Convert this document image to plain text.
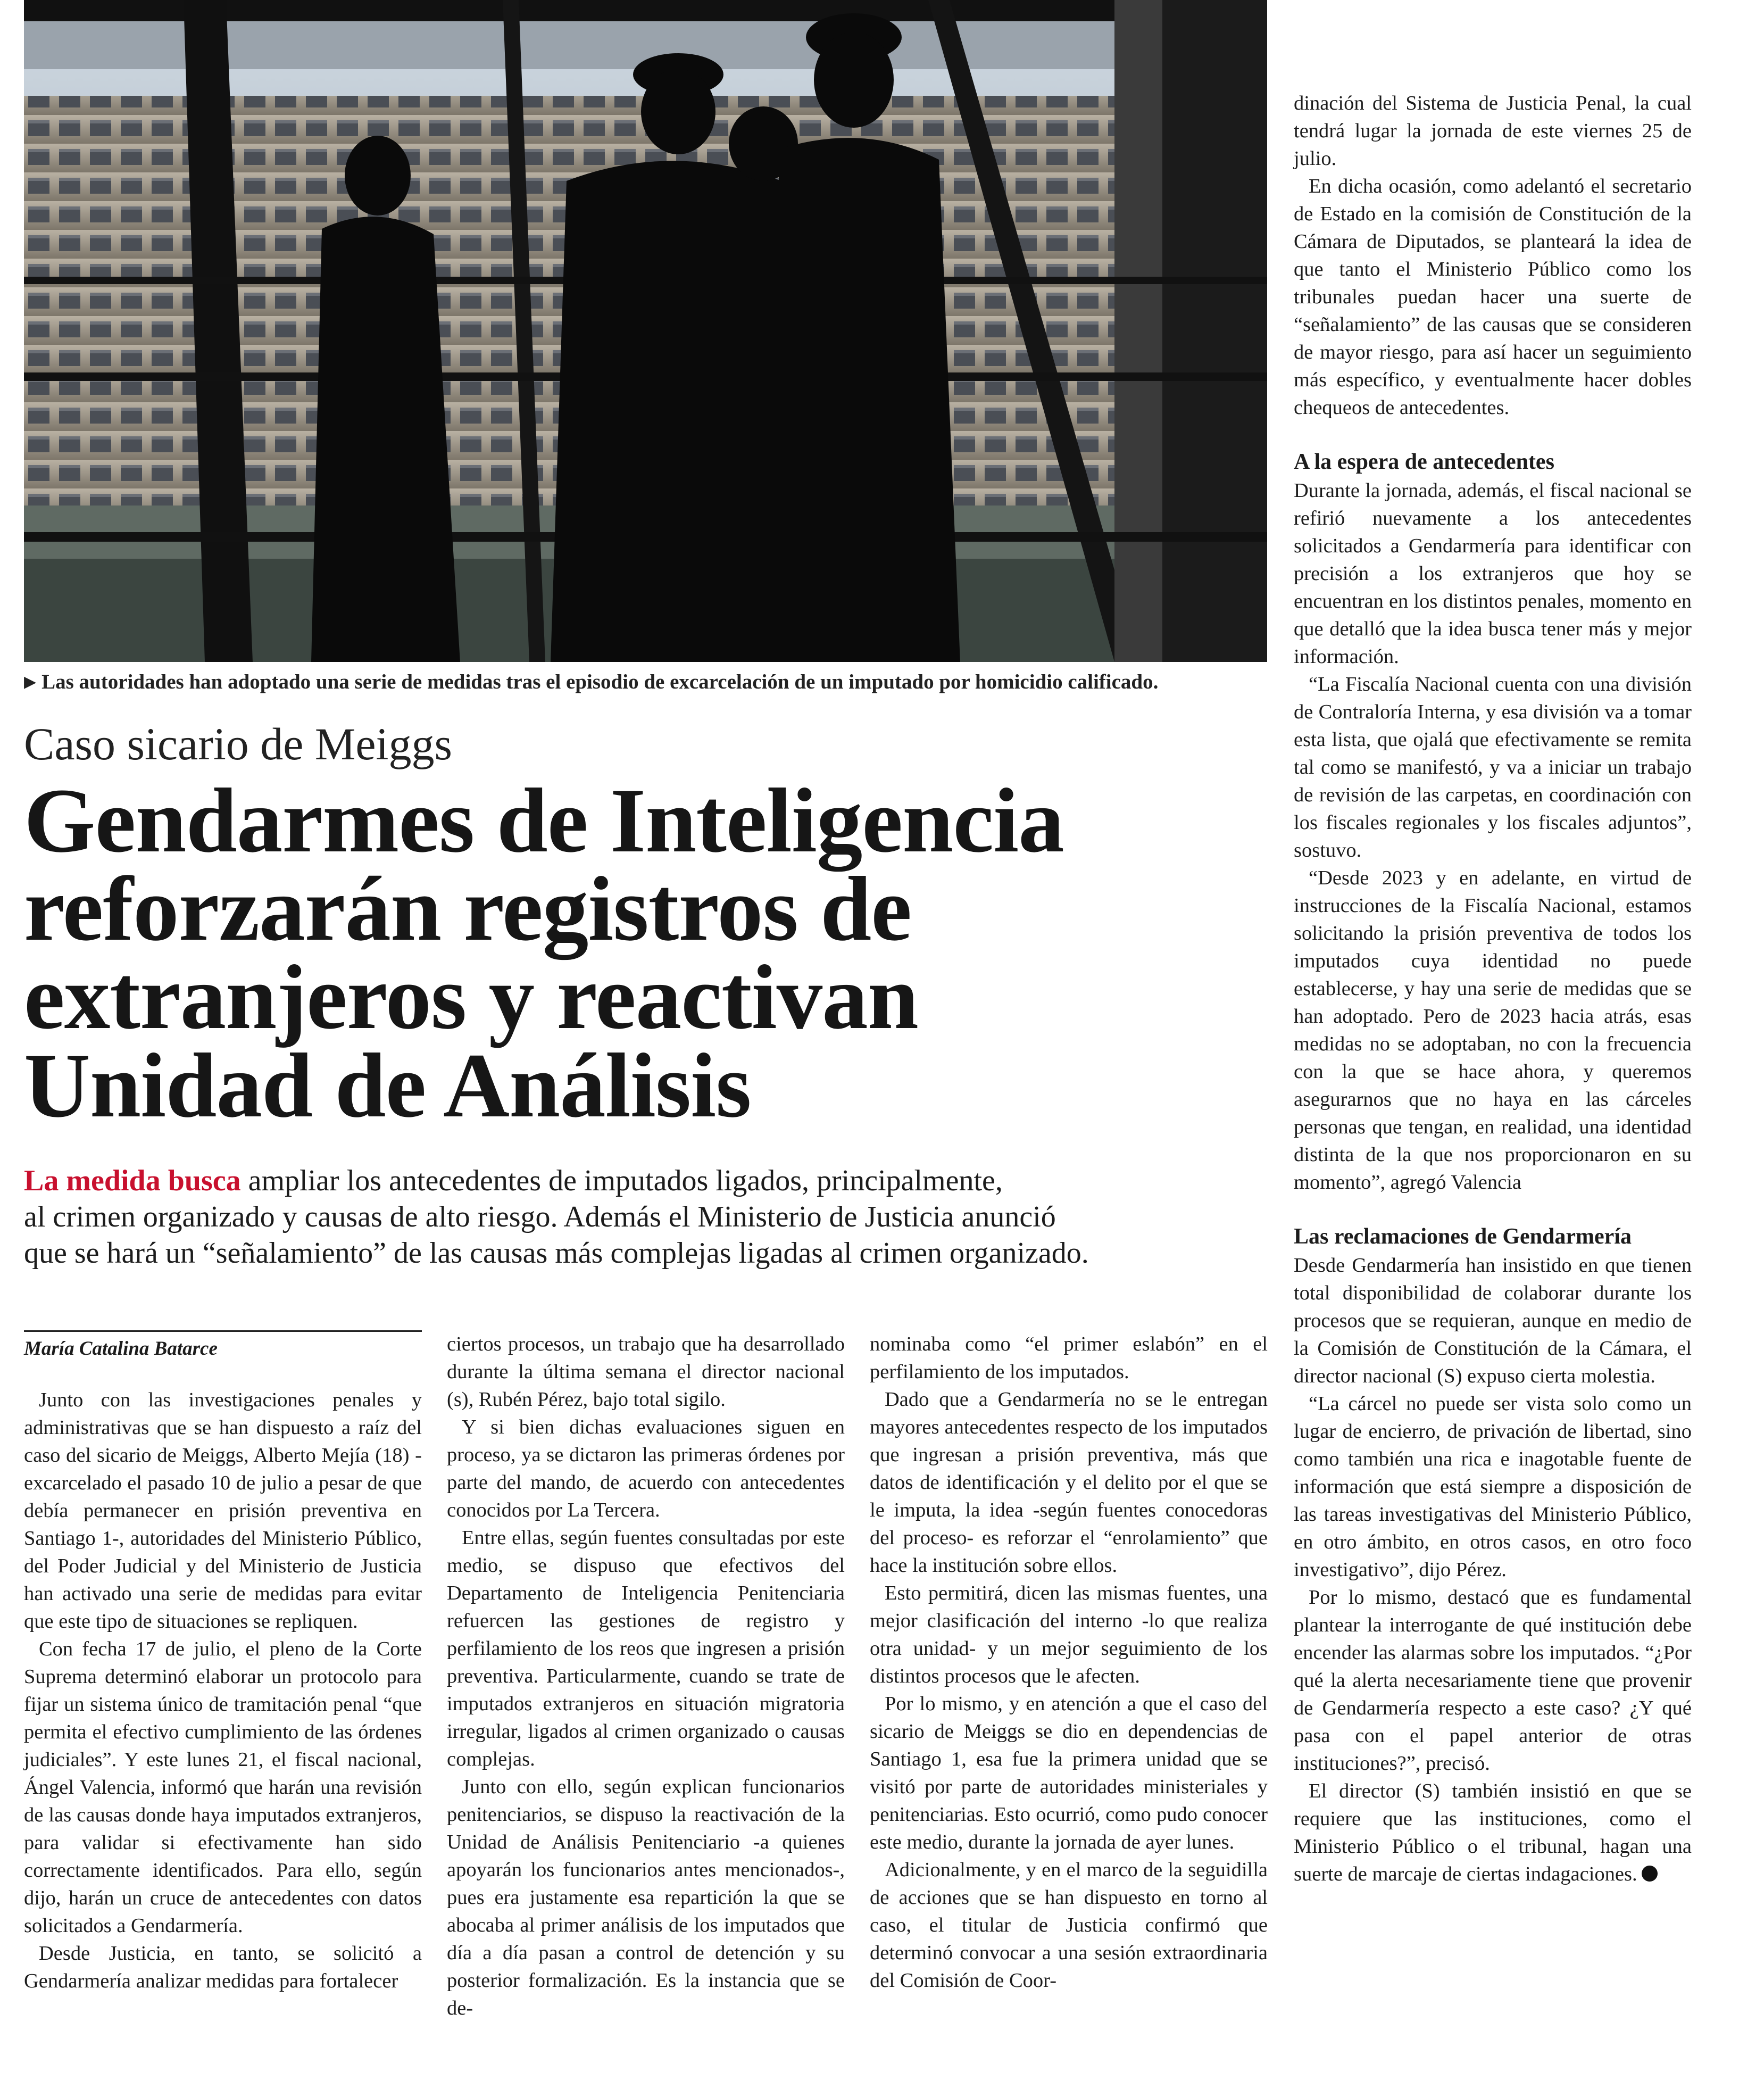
▶ Las autoridades han adoptado una serie de medidas tras el episodio de excarcelación de un imputado por homicidio calificado.
Caso sicario de Meiggs
Gendarmes de Inteligencia
reforzarán registros de
extranjeros y reactivan
Unidad de Análisis
La medida busca ampliar los antecedentes de imputados ligados, principalmente,
al crimen organizado y causas de alto riesgo. Además el Ministerio de Justicia anunció
que se hará un “señalamiento” de las causas más complejas ligadas al crimen organizado.

María Catalina Batarce

Junto con las investigaciones penales y administrativas que se han dispuesto a raíz del caso del sicario de Meiggs, Alberto Mejía (18) -excarcelado el pasado 10 de julio a pesar de que debía permanecer en prisión preventiva en Santiago 1-, autoridades del Ministerio Público, del Poder Judicial y del Ministerio de Justicia han activado una serie de medidas para evitar que este tipo de situaciones se repliquen.

Con fecha 17 de julio, el pleno de la Corte Suprema determinó elaborar un protocolo para fijar un sistema único de tramitación penal “que permita el efectivo cumplimiento de las órdenes judiciales”. Y este lunes 21, el fiscal nacional, Ángel Valencia, informó que harán una revisión de las causas donde haya imputados extranjeros, para validar si efectivamente han sido correctamente identificados. Para ello, según dijo, harán un cruce de antecedentes con datos solicitados a Gendarmería.

Desde Justicia, en tanto, se solicitó a Gendarmería analizar medidas para fortalecer

ciertos procesos, un trabajo que ha desarrollado durante la última semana el director nacional (s), Rubén Pérez, bajo total sigilo.

Y si bien dichas evaluaciones siguen en proceso, ya se dictaron las primeras órdenes por parte del mando, de acuerdo con antecedentes conocidos por La Tercera.

Entre ellas, según fuentes consultadas por este medio, se dispuso que efectivos del Departamento de Inteligencia Penitenciaria refuercen las gestiones de registro y perfilamiento de los reos que ingresen a prisión preventiva. Particularmente, cuando se trate de imputados extranjeros en situación migratoria irregular, ligados al crimen organizado o causas complejas.

Junto con ello, según explican funcionarios penitenciarios, se dispuso la reactivación de la Unidad de Análisis Penitenciario -a quienes apoyarán los funcionarios antes mencionados-, pues era justamente esa repartición la que se abocaba al primer análisis de los imputados que día a día pasan a control de detención y su posterior formalización. Es la instancia que se de-

nominaba como “el primer eslabón” en el perfilamiento de los imputados.

Dado que a Gendarmería no se le entregan mayores antecedentes respecto de los imputados que ingresan a prisión preventiva, más que datos de identificación y el delito por el que se le imputa, la idea -según fuentes conocedoras del proceso- es reforzar el “enrolamiento” que hace la institución sobre ellos.

Esto permitirá, dicen las mismas fuentes, una mejor clasificación del interno -lo que realiza otra unidad- y un mejor seguimiento de los distintos procesos que le afecten.

Por lo mismo, y en atención a que el caso del sicario de Meiggs se dio en dependencias de Santiago 1, esa fue la primera unidad que se visitó por parte de autoridades ministeriales y penitenciarias. Esto ocurrió, como pudo conocer este medio, durante la jornada de ayer lunes.

Adicionalmente, y en el marco de la seguidilla de acciones que se han dispuesto en torno al caso, el titular de Justicia confirmó que determinó convocar a una sesión extraordinaria del Comisión de Coor-

dinación del Sistema de Justicia Penal, la cual tendrá lugar la jornada de este viernes 25 de julio.

En dicha ocasión, como adelantó el secretario de Estado en la comisión de Constitución de la Cámara de Diputados, se planteará la idea de que tanto el Ministerio Público como los tribunales puedan hacer una suerte de “señalamiento” de las causas que se consideren de mayor riesgo, para así hacer un seguimiento más específico, y eventualmente hacer dobles chequeos de antecedentes.

A la espera de antecedentes

Durante la jornada, además, el fiscal nacional se refirió nuevamente a los antecedentes solicitados a Gendarmería para identificar con precisión a los extranjeros que hoy se encuentran en los distintos penales, momento en que detalló que la idea busca tener más y mejor información.

“La Fiscalía Nacional cuenta con una división de Contraloría Interna, y esa división va a tomar esta lista, que ojalá que efectivamente se remita tal como se manifestó, y va a iniciar un trabajo de revisión de las carpetas, en coordinación con los fiscales regionales y los fiscales adjuntos”, sostuvo.

“Desde 2023 y en adelante, en virtud de instrucciones de la Fiscalía Nacional, estamos solicitando la prisión preventiva de todos los imputados cuya identidad no puede establecerse, y hay una serie de medidas que se han adoptado. Pero de 2023 hacia atrás, esas medidas no se adoptaban, no con la frecuencia con la que se hace ahora, y queremos asegurarnos que no haya en las cárceles personas que tengan, en realidad, una identidad distinta de la que nos proporcionaron en su momento”, agregó Valencia

Las reclamaciones de Gendarmería

Desde Gendarmería han insistido en que tienen total disponibilidad de colaborar durante los procesos que se requieran, aunque en medio de la Comisión de Constitución de la Cámara, el director nacional (S) expuso cierta molestia.

“La cárcel no puede ser vista solo como un lugar de encierro, de privación de libertad, sino como también una rica e inagotable fuente de información que está siempre a disposición de las tareas investigativas del Ministerio Público, en otro ámbito, en otros casos, en otro foco investigativo”, dijo Pérez.

Por lo mismo, destacó que es fundamental plantear la interrogante de qué institución debe encender las alarmas sobre los imputados. “¿Por qué la alerta necesariamente tiene que provenir de Gendarmería respecto a este caso? ¿Y qué pasa con el papel anterior de otras instituciones?”, precisó.

El director (S) también insistió en que se requiere que las instituciones, como el Ministerio Público o el tribunal, hagan una suerte de marcaje de ciertas indagaciones.
